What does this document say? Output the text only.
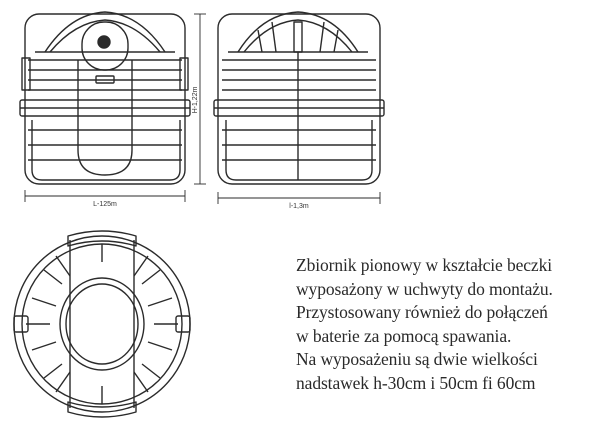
H-1,22m
L-125m	l-1,3m
Zbiornik pionowy w kształcie beczki
wyposażony w uchwyty do montażu.
Przystosowany również do połączeń
w baterie za pomocą spawania.
Na wyposażeniu są dwie wielkości
nadstawek h-30cm i 50cm fi 60cm
